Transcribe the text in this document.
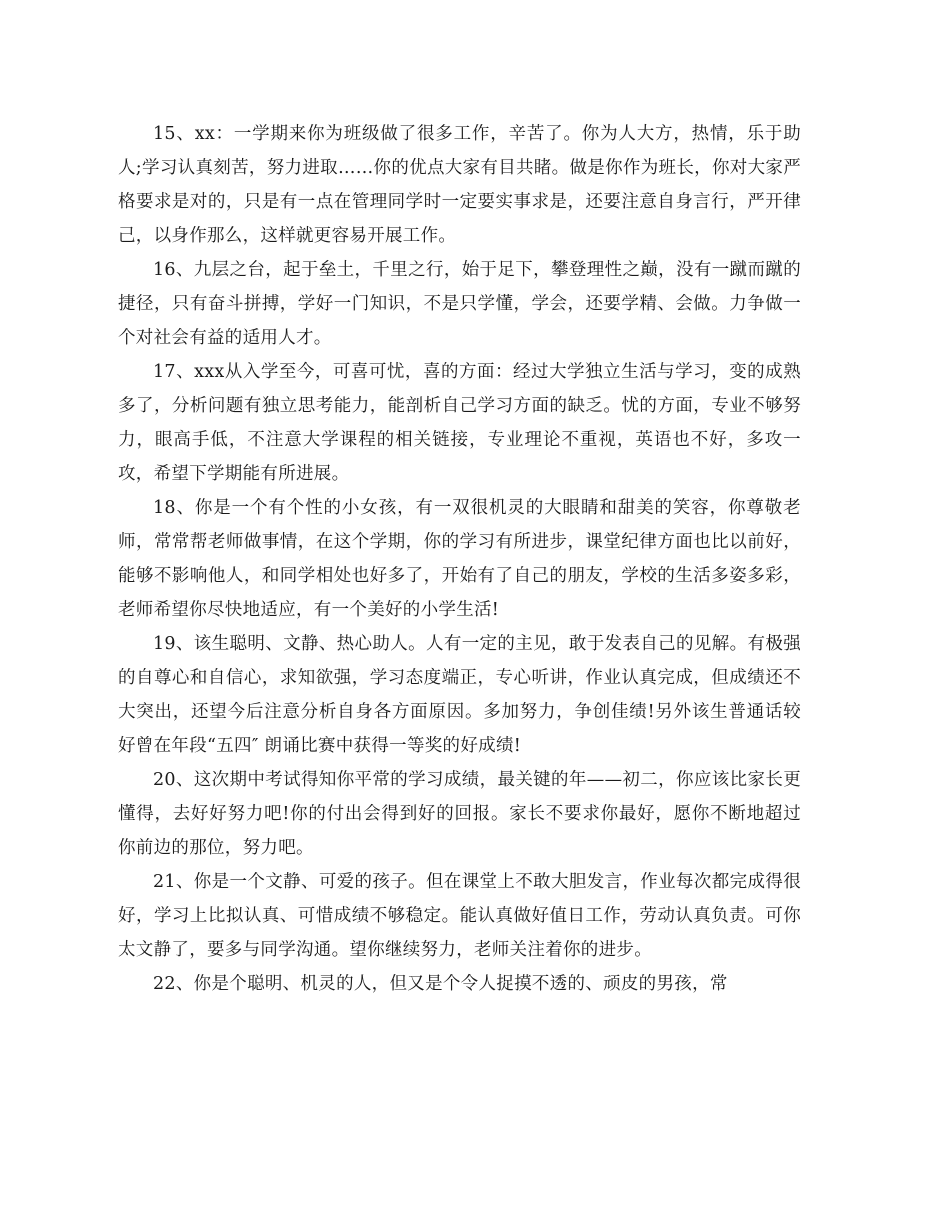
15、xx：一学期来你为班级做了很多工作，辛苦了。你为人大方，热情，乐于助人;学习认真刻苦，努力进取……你的优点大家有目共睹。做是你作为班长，你对大家严格要求是对的，只是有一点在管理同学时一定要实事求是，还要注意自身言行，严开律己，以身作那么，这样就更容易开展工作。

16、九层之台，起于垒土，千里之行，始于足下，攀登理性之巅，没有一蹴而蹴的捷径，只有奋斗拼搏，学好一门知识，不是只学懂，学会，还要学精、会做。力争做一个对社会有益的适用人才。

17、xxx从入学至今，可喜可忧，喜的方面：经过大学独立生活与学习，变的成熟多了，分析问题有独立思考能力，能剖析自己学习方面的缺乏。忧的方面，专业不够努力，眼高手低，不注意大学课程的相关链接，专业理论不重视，英语也不好，多攻一攻，希望下学期能有所进展。

18、你是一个有个性的小女孩，有一双很机灵的大眼睛和甜美的笑容，你尊敬老师，常常帮老师做事情，在这个学期，你的学习有所进步，课堂纪律方面也比以前好，能够不影响他人，和同学相处也好多了，开始有了自己的朋友，学校的生活多姿多彩，老师希望你尽快地适应，有一个美好的小学生活!

19、该生聪明、文静、热心助人。人有一定的主见，敢于发表自己的见解。有极强的自尊心和自信心，求知欲强，学习态度端正，专心听讲，作业认真完成，但成绩还不大突出，还望今后注意分析自身各方面原因。多加努力，争创佳绩!另外该生普通话较好曾在年段“五四″ 朗诵比赛中获得一等奖的好成绩!

20、这次期中考试得知你平常的学习成绩，最关键的年——初二，你应该比家长更懂得，去好好努力吧!你的付出会得到好的回报。家长不要求你最好，愿你不断地超过你前边的那位，努力吧。

21、你是一个文静、可爱的孩子。但在课堂上不敢大胆发言，作业每次都完成得很好，学习上比拟认真、可惜成绩不够稳定。能认真做好值日工作，劳动认真负责。可你太文静了，要多与同学沟通。望你继续努力，老师关注着你的进步。

22、你是个聪明、机灵的人，但又是个令人捉摸不透的、顽皮的男孩，常
